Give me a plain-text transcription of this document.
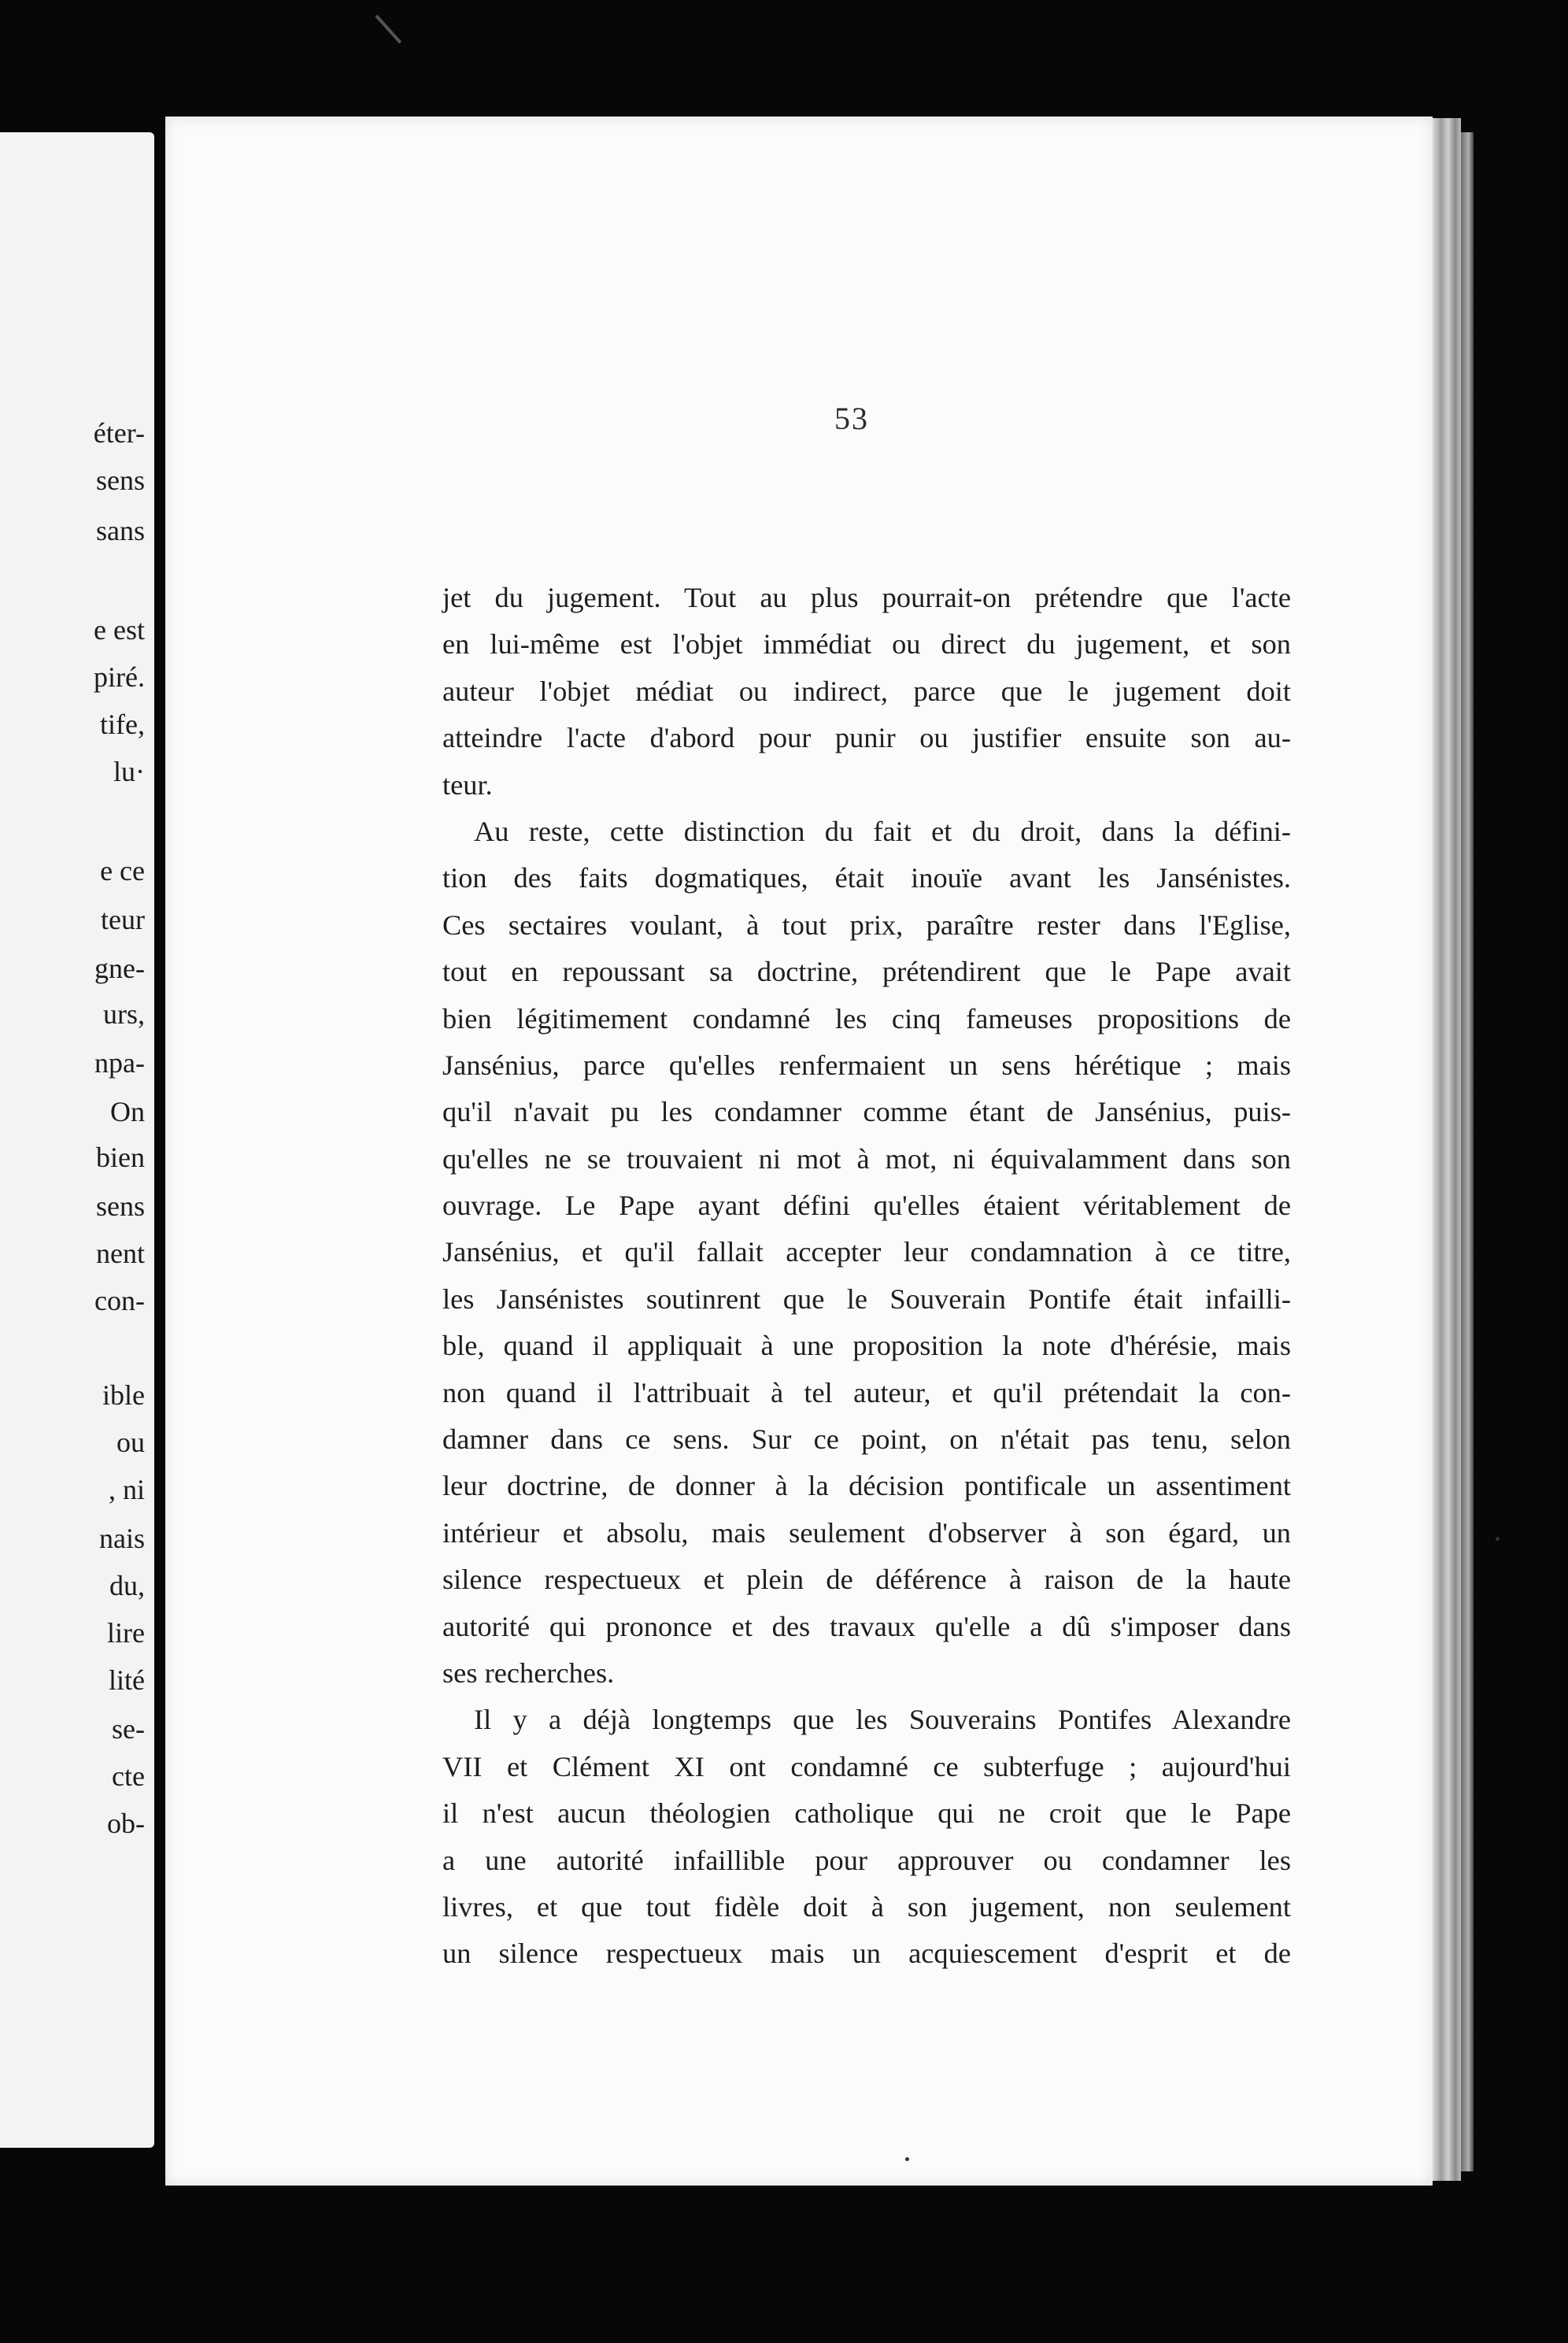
éter-
sens
sans
e est
piré.
tife,
lu·
e ce
teur
gne-
urs,
npa-
On
bien
sens
nent
con-
ible
ou
, ni
nais
du,
lire
lité
se-
cte
ob-
53
jet du jugement. Tout au plus pourrait-on prétendre que l'acte
en lui-même est l'objet immédiat ou direct du jugement, et son
auteur l'objet médiat ou indirect, parce que le jugement doit
atteindre l'acte d'abord pour punir ou justifier ensuite son au-
teur.
Au reste, cette distinction du fait et du droit, dans la défini-
tion des faits dogmatiques, était inouïe avant les Jansénistes.
Ces sectaires voulant, à tout prix, paraître rester dans l'Eglise,
tout en repoussant sa doctrine, prétendirent que le Pape avait
bien légitimement condamné les cinq fameuses propositions de
Jansénius, parce qu'elles renfermaient un sens hérétique ; mais
qu'il n'avait pu les condamner comme étant de Jansénius, puis-
qu'elles ne se trouvaient ni mot à mot, ni équivalamment dans son
ouvrage. Le Pape ayant défini qu'elles étaient véritablement de
Jansénius, et qu'il fallait accepter leur condamnation à ce titre,
les Jansénistes soutinrent que le Souverain Pontife était infailli-
ble, quand il appliquait à une proposition la note d'hérésie, mais
non quand il l'attribuait à tel auteur, et qu'il prétendait la con-
damner dans ce sens. Sur ce point, on n'était pas tenu, selon
leur doctrine, de donner à la décision pontificale un assentiment
intérieur et absolu, mais seulement d'observer à son égard, un
silence respectueux et plein de déférence à raison de la haute
autorité qui prononce et des travaux qu'elle a dû s'imposer dans
ses recherches.
Il y a déjà longtemps que les Souverains Pontifes Alexandre
VII et Clément XI ont condamné ce subterfuge ; aujourd'hui
il n'est aucun théologien catholique qui ne croit que le Pape
a une autorité infaillible pour approuver ou condamner les
livres, et que tout fidèle doit à son jugement, non seulement
un silence respectueux mais un acquiescement d'esprit et de
